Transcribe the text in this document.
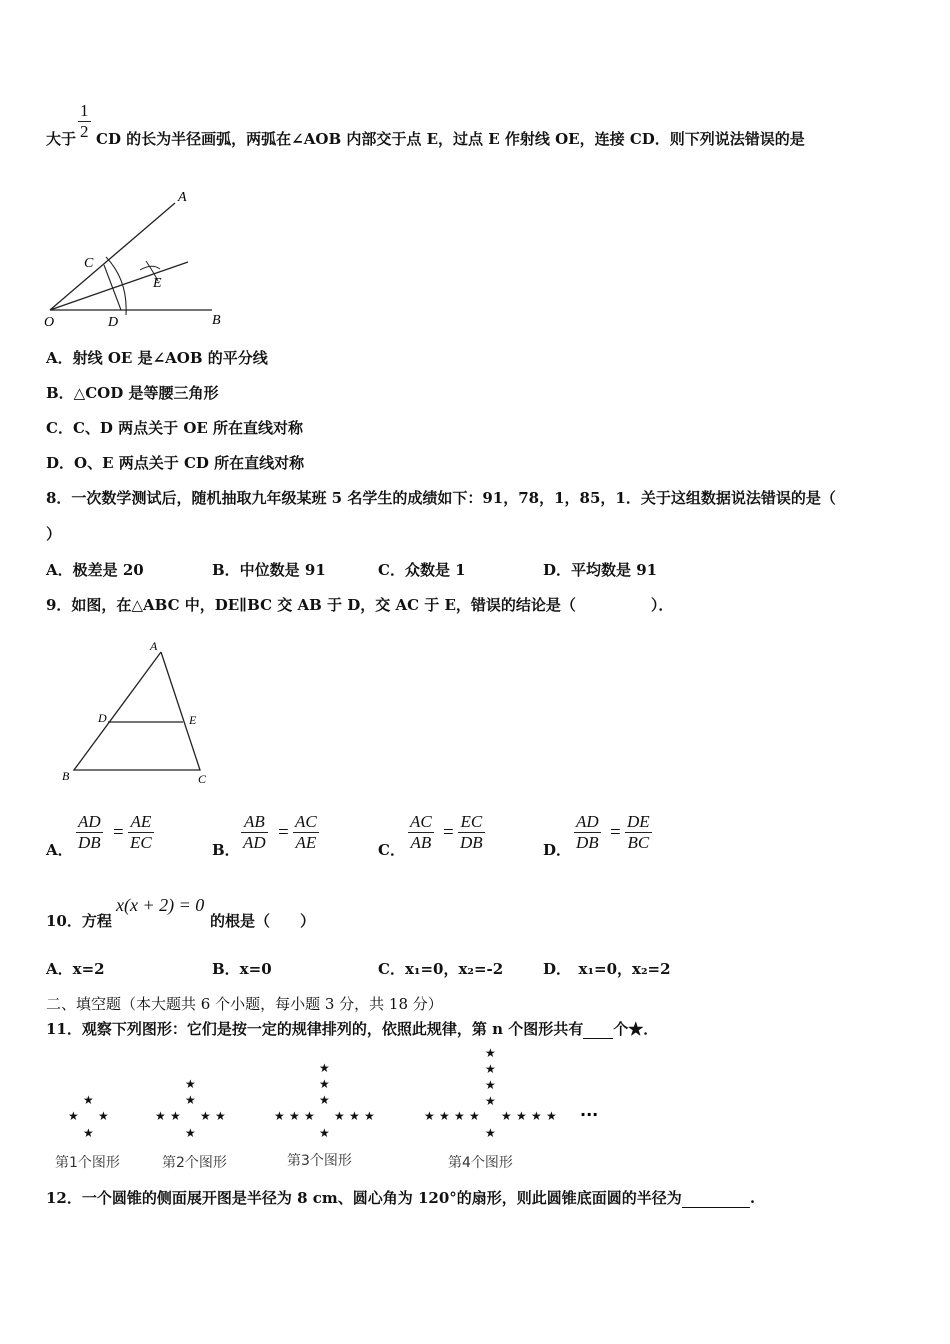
$\frac{1}{2}$
大于 CD 的长为半径画弧，两弧在∠AOB 内部交于点 E，过点 E 作射线 OE，连接 CD．则下列说法错误的是
A
C
E
O	D	B
A．射线 OE 是∠AOB 的平分线
B．△COD 是等腰三角形
C．C、D 两点关于 OE 所在直线对称
D．O、E 两点关于 CD 所在直线对称
8．一次数学测试后，随机抽取九年级某班 5 名学生的成绩如下：91，78，1，85，1．关于这组数据说法错误的是（
）
A．极差是 20	B．中位数是 91	C．众数是 1	D．平均数是 91
9．如图，在△ABC 中，DE∥BC 交 AB 于 D，交 AC 于 E，错误的结论是（　　　　　）．
A
D	E
B	C
A． $\frac{AD}{DB} = \frac{AE}{EC}$	B． $\frac{AB}{AD} = \frac{AC}{AE}$	C． $\frac{AC}{AB} = \frac{EC}{DB}$	D． $\frac{AD}{DB} = \frac{DE}{BC}$
10．方程
x(x + 2) = 0
的根是（　　）
A．x=2	B．x=0	C．x₁=0，x₂=-2	D．　x₁=0，x₂=2
二、填空题（本大题共 6 个小题，每小题 3 分，共 18 分）
11．观察下列图形：它们是按一定的规律排列的，依照此规律，第 n 个图形共有 个★．
★
★ ★
★
★
★
★ ★ ★ ★
★
★
★
★
★ ★ ★ ★ ★ ★
★
★
★
★
★
★ ★ ★ ★ ★ ★ ★ ★
★
···
第1个图形	第2个图形	第3个图形	第4个图形
12．一个圆锥的侧面展开图是半径为 8 cm、圆心角为 120°的扇形，则此圆锥底面圆的半径为	.
